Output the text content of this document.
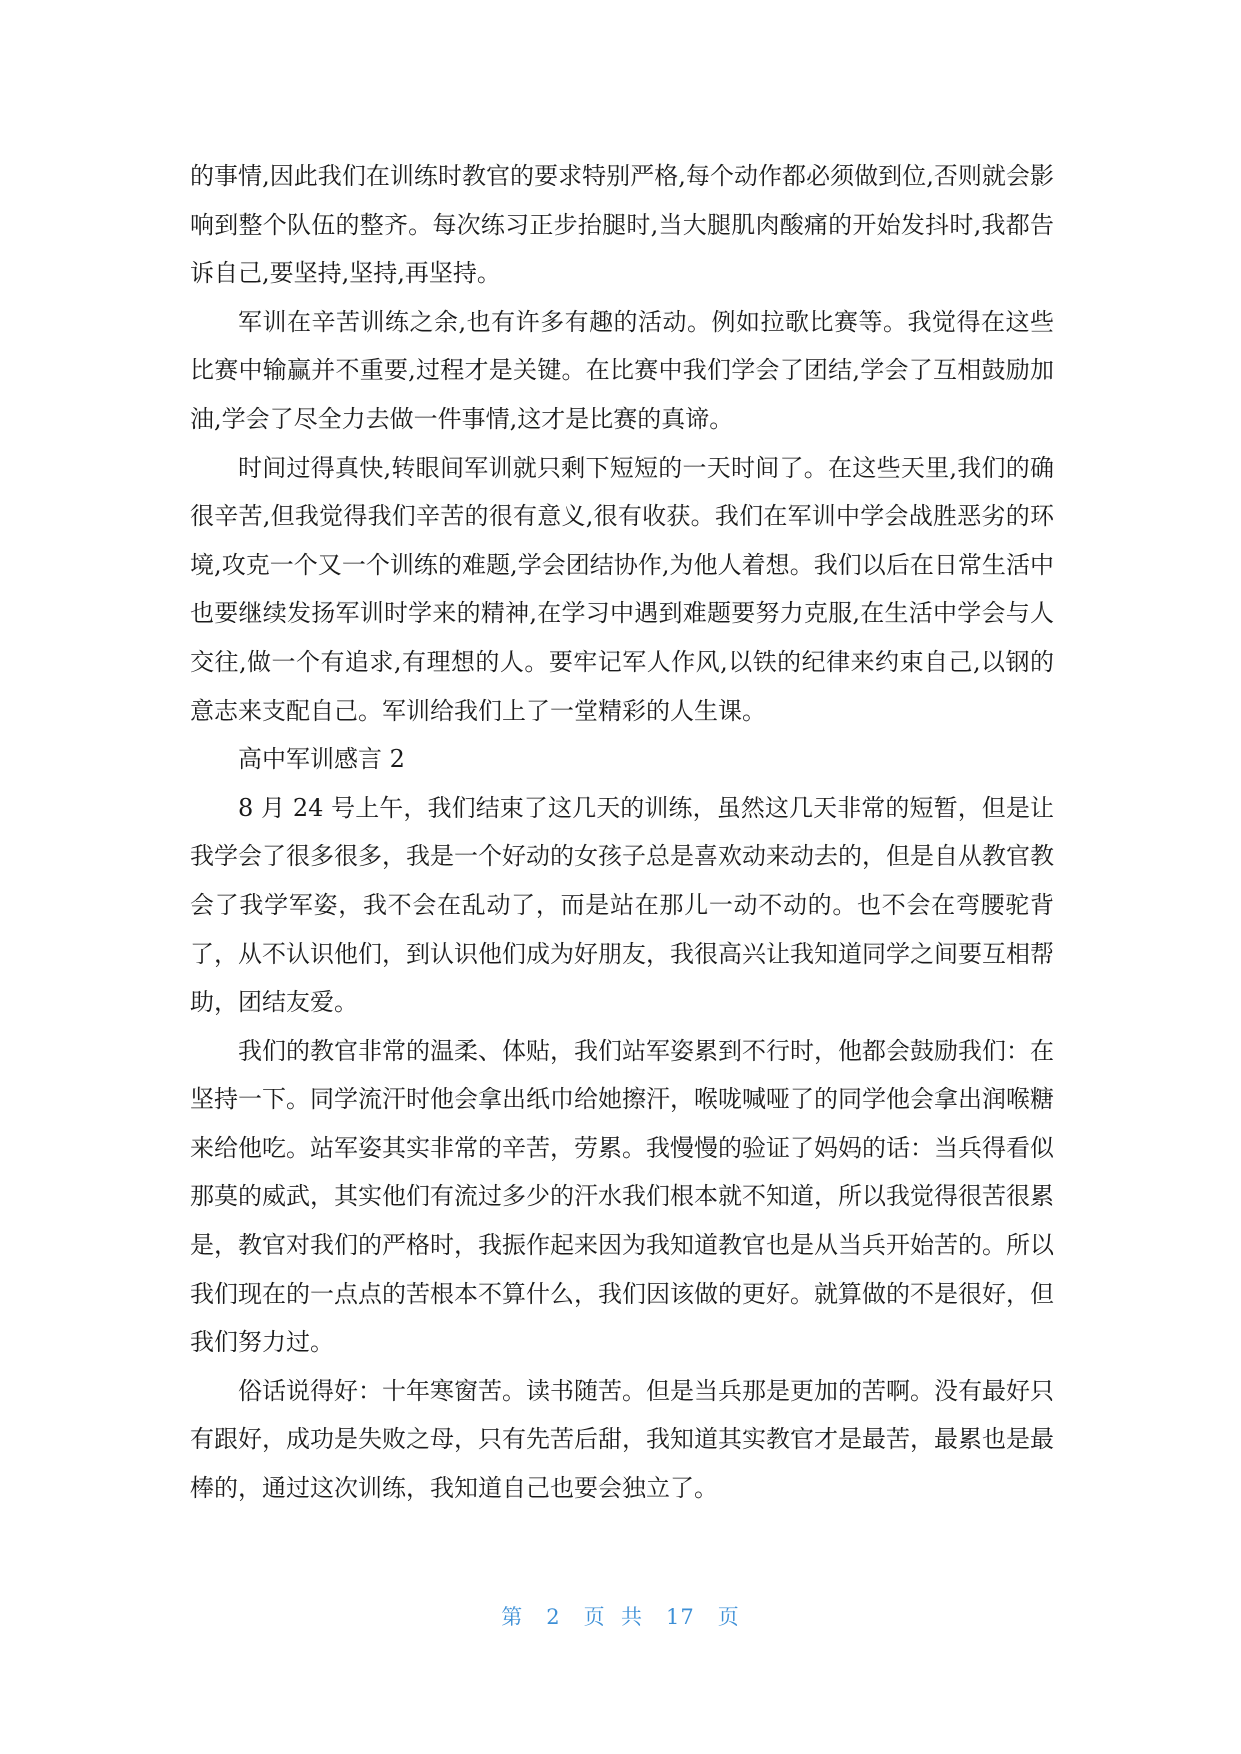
的事情,因此我们在训练时教官的要求特别严格,每个动作都必须做到位,否则就会影响到整个队伍的整齐。每次练习正步抬腿时,当大腿肌肉酸痛的开始发抖时,我都告诉自己,要坚持,坚持,再坚持。

军训在辛苦训练之余,也有许多有趣的活动。例如拉歌比赛等。我觉得在这些比赛中输赢并不重要,过程才是关键。在比赛中我们学会了团结,学会了互相鼓励加油,学会了尽全力去做一件事情,这才是比赛的真谛。

时间过得真快,转眼间军训就只剩下短短的一天时间了。在这些天里,我们的确很辛苦,但我觉得我们辛苦的很有意义,很有收获。我们在军训中学会战胜恶劣的环境,攻克一个又一个训练的难题,学会团结协作,为他人着想。我们以后在日常生活中也要继续发扬军训时学来的精神,在学习中遇到难题要努力克服,在生活中学会与人交往,做一个有追求,有理想的人。要牢记军人作风,以铁的纪律来约束自己,以钢的意志来支配自己。军训给我们上了一堂精彩的人生课。

高中军训感言 2

8 月 24 号上午，我们结束了这几天的训练，虽然这几天非常的短暂，但是让我学会了很多很多，我是一个好动的女孩子总是喜欢动来动去的，但是自从教官教会了我学军姿，我不会在乱动了，而是站在那儿一动不动的。也不会在弯腰驼背了，从不认识他们，到认识他们成为好朋友，我很高兴让我知道同学之间要互相帮助，团结友爱。

我们的教官非常的温柔、体贴，我们站军姿累到不行时，他都会鼓励我们：在坚持一下。同学流汗时他会拿出纸巾给她擦汗，喉咙喊哑了的同学他会拿出润喉糖来给他吃。站军姿其实非常的辛苦，劳累。我慢慢的验证了妈妈的话：当兵得看似那莫的威武，其实他们有流过多少的汗水我们根本就不知道，所以我觉得很苦很累是，教官对我们的严格时，我振作起来因为我知道教官也是从当兵开始苦的。所以我们现在的一点点的苦根本不算什么，我们因该做的更好。就算做的不是很好，但我们努力过。

俗话说得好：十年寒窗苦。读书随苦。但是当兵那是更加的苦啊。没有最好只有跟好，成功是失败之母，只有先苦后甜，我知道其实教官才是最苦，最累也是最棒的，通过这次训练，我知道自己也要会独立了。

第 2 页 共 17 页
